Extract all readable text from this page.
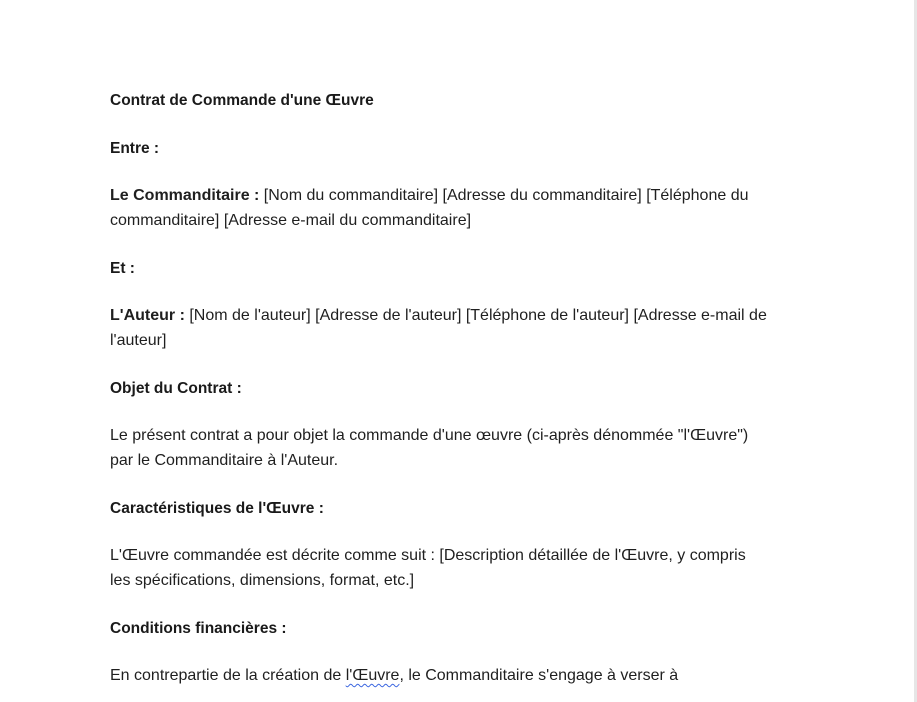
Contrat de Commande d'une Œuvre

Entre :

Le Commanditaire : [Nom du commanditaire] [Adresse du commanditaire] [Téléphone du commanditaire] [Adresse e-mail du commanditaire]

Et :

L'Auteur : [Nom de l'auteur] [Adresse de l'auteur] [Téléphone de l'auteur] [Adresse e-mail de l'auteur]

Objet du Contrat :

Le présent contrat a pour objet la commande d'une œuvre (ci-après dénommée "l'Œuvre") par le Commanditaire à l'Auteur.

Caractéristiques de l'Œuvre :

L'Œuvre commandée est décrite comme suit : [Description détaillée de l'Œuvre, y compris les spécifications, dimensions, format, etc.]

Conditions financières :

En contrepartie de la création de l'Œuvre, le Commanditaire s'engage à verser à
